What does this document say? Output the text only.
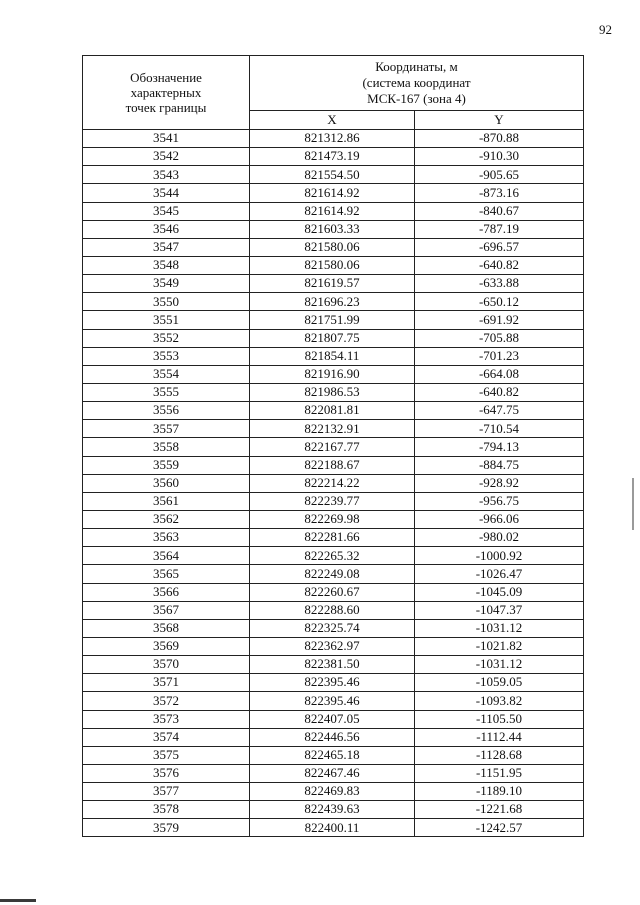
92
Обозначение
характерных
точек границы	Координаты, м
(система координат
МСК-167 (зона 4)	

	X	Y
3541	821312.86	-870.88
3542	821473.19	-910.30
3543	821554.50	-905.65
3544	821614.92	-873.16
3545	821614.92	-840.67
3546	821603.33	-787.19
3547	821580.06	-696.57
3548	821580.06	-640.82
3549	821619.57	-633.88
3550	821696.23	-650.12
3551	821751.99	-691.92
3552	821807.75	-705.88
3553	821854.11	-701.23
3554	821916.90	-664.08
3555	821986.53	-640.82
3556	822081.81	-647.75
3557	822132.91	-710.54
3558	822167.77	-794.13
3559	822188.67	-884.75
3560	822214.22	-928.92
3561	822239.77	-956.75
3562	822269.98	-966.06
3563	822281.66	-980.02
3564	822265.32	-1000.92
3565	822249.08	-1026.47
3566	822260.67	-1045.09
3567	822288.60	-1047.37
3568	822325.74	-1031.12
3569	822362.97	-1021.82
3570	822381.50	-1031.12
3571	822395.46	-1059.05
3572	822395.46	-1093.82
3573	822407.05	-1105.50
3574	822446.56	-1112.44
3575	822465.18	-1128.68
3576	822467.46	-1151.95
3577	822469.83	-1189.10
3578	822439.63	-1221.68
3579	822400.11	-1242.57
